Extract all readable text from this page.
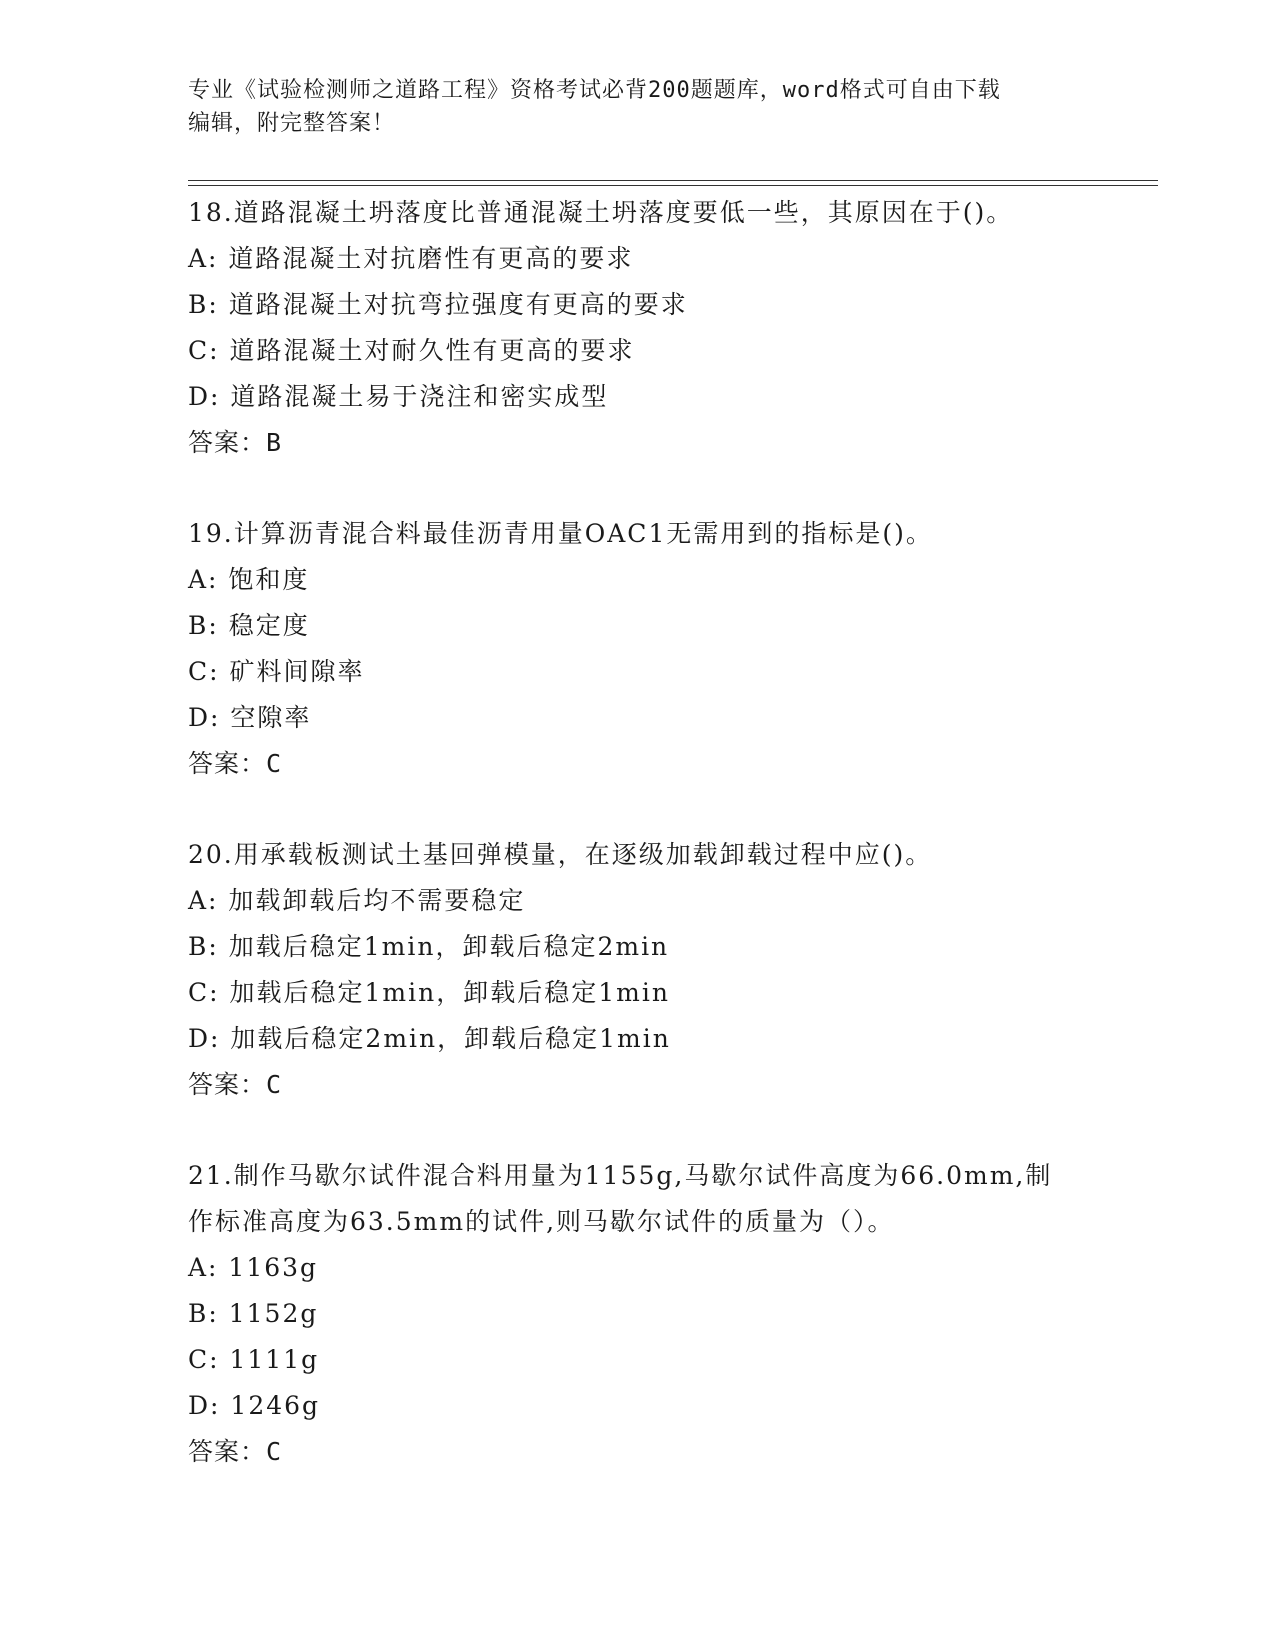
专业《试验检测师之道路工程》资格考试必背200题题库，word格式可自由下载
编辑，附完整答案！
18.道路混凝土坍落度比普通混凝土坍落度要低一些，其原因在于()。
A: 道路混凝土对抗磨性有更高的要求
B: 道路混凝土对抗弯拉强度有更高的要求
C: 道路混凝土对耐久性有更高的要求
D: 道路混凝土易于浇注和密实成型
答案：B
19.计算沥青混合料最佳沥青用量OAC1无需用到的指标是()。
A: 饱和度
B: 稳定度
C: 矿料间隙率
D: 空隙率
答案：C
20.用承载板测试土基回弹模量，在逐级加载卸载过程中应()。
A: 加载卸载后均不需要稳定
B: 加载后稳定1min，卸载后稳定2min
C: 加载后稳定1min，卸载后稳定1min
D: 加载后稳定2min，卸载后稳定1min
答案：C
21.制作马歇尔试件混合料用量为1155g,马歇尔试件高度为66.0mm,制
作标准高度为63.5mm的试件,则马歇尔试件的质量为（）。
A: 1163g
B: 1152g
C: 1111g
D: 1246g
答案：C
